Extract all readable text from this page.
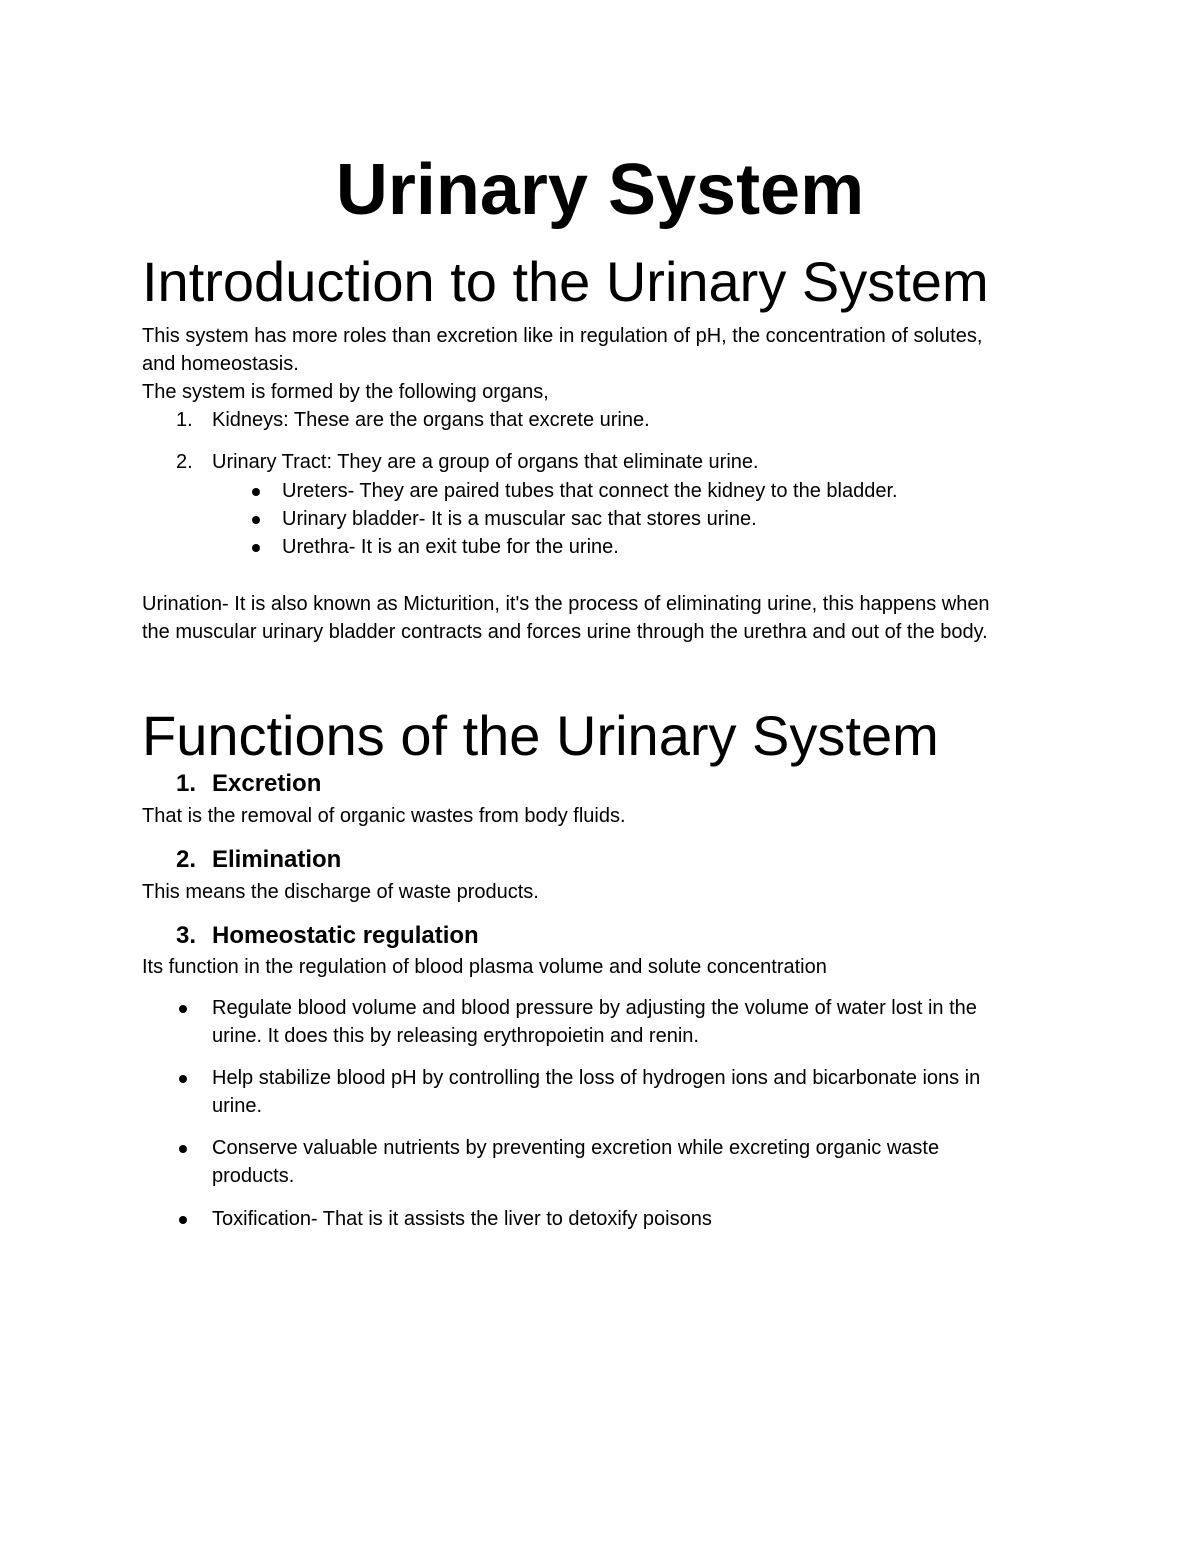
Urinary System
Introduction to the Urinary System

This system has more roles than excretion like in regulation of pH, the concentration of solutes,

and homeostasis.

The system is formed by the following organs,

1. Kidneys: These are the organs that excrete urine.
2. Urinary Tract: They are a group of organs that eliminate urine.
Ureters- They are paired tubes that connect the kidney to the bladder.
Urinary bladder- It is a muscular sac that stores urine.
Urethra- It is an exit tube for the urine.

Urination- It is also known as Micturition, it's the process of eliminating urine, this happens when

the muscular urinary bladder contracts and forces urine through the urethra and out of the body.

Functions of the Urinary System
1. Excretion

That is the removal of organic wastes from body fluids.

2. Elimination

This means the discharge of waste products.

3. Homeostatic regulation

Its function in the regulation of blood plasma volume and solute concentration

Regulate blood volume and blood pressure by adjusting the volume of water lost in the
urine. It does this by releasing erythropoietin and renin.
Help stabilize blood pH by controlling the loss of hydrogen ions and bicarbonate ions in
urine.
Conserve valuable nutrients by preventing excretion while excreting organic waste
products.
Toxification- That is it assists the liver to detoxify poisons
